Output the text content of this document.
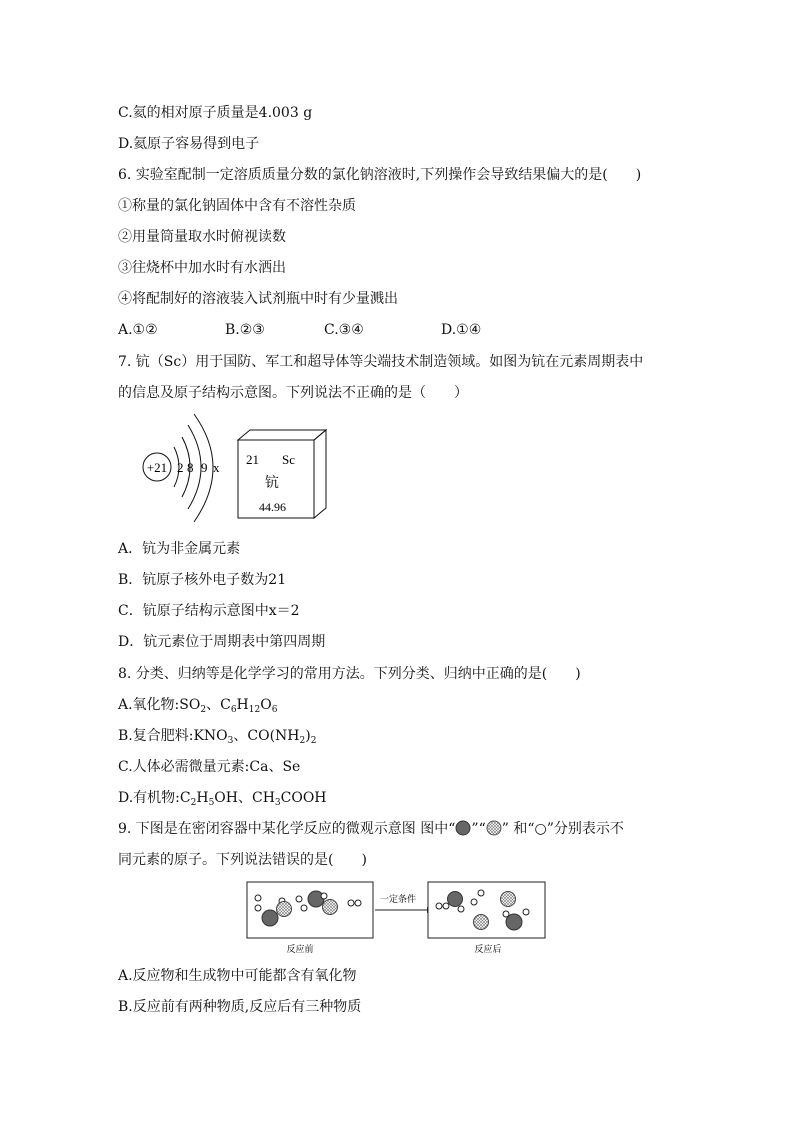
C.氦的相对原子质量是4.003 g
D.氦原子容易得到电子
6. 实验室配制一定溶质质量分数的氯化钠溶液时,下列操作会导致结果偏大的是(　　)
①称量的氯化钠固体中含有不溶性杂质
②用量筒量取水时俯视读数
③往烧杯中加水时有水洒出
④将配制好的溶液装入试剂瓶中时有少量溅出
A.①②	B.②③	C.③④	D.①④
7. 钪（Sc）用于国防、军工和超导体等尖端技术制造领域。如图为钪在元素周期表中
的信息及原子结构示意图。下列说法不正确的是（　　）
+21 2 8 9 x
21 Sc
钪
44.96
A．钪为非金属元素
B．钪原子核外电子数为21
C．钪原子结构示意图中x＝2
D．钪元素位于周期表中第四周期
8. 分类、归纳等是化学学习的常用方法。下列分类、归纳中正确的是(　　)
A.氧化物$:SO_2$、$C_6H_{12}O_6$
B.复合肥料$:KNO_3$、$CO(NH_2)_2$
C.人体必需微量元素:Ca、Se
D.有机物$:C_2H_5OH$、$CH_3COOH$
9. 下图是在密闭容器中某化学反应的微观示意图 图中“ ”“ ” 和“○”分别表示不
同元素的原子。下列说法错误的是(　　)
反应前
一定条件
反应后
A.反应物和生成物中可能都含有氧化物
B.反应前有两种物质,反应后有三种物质
